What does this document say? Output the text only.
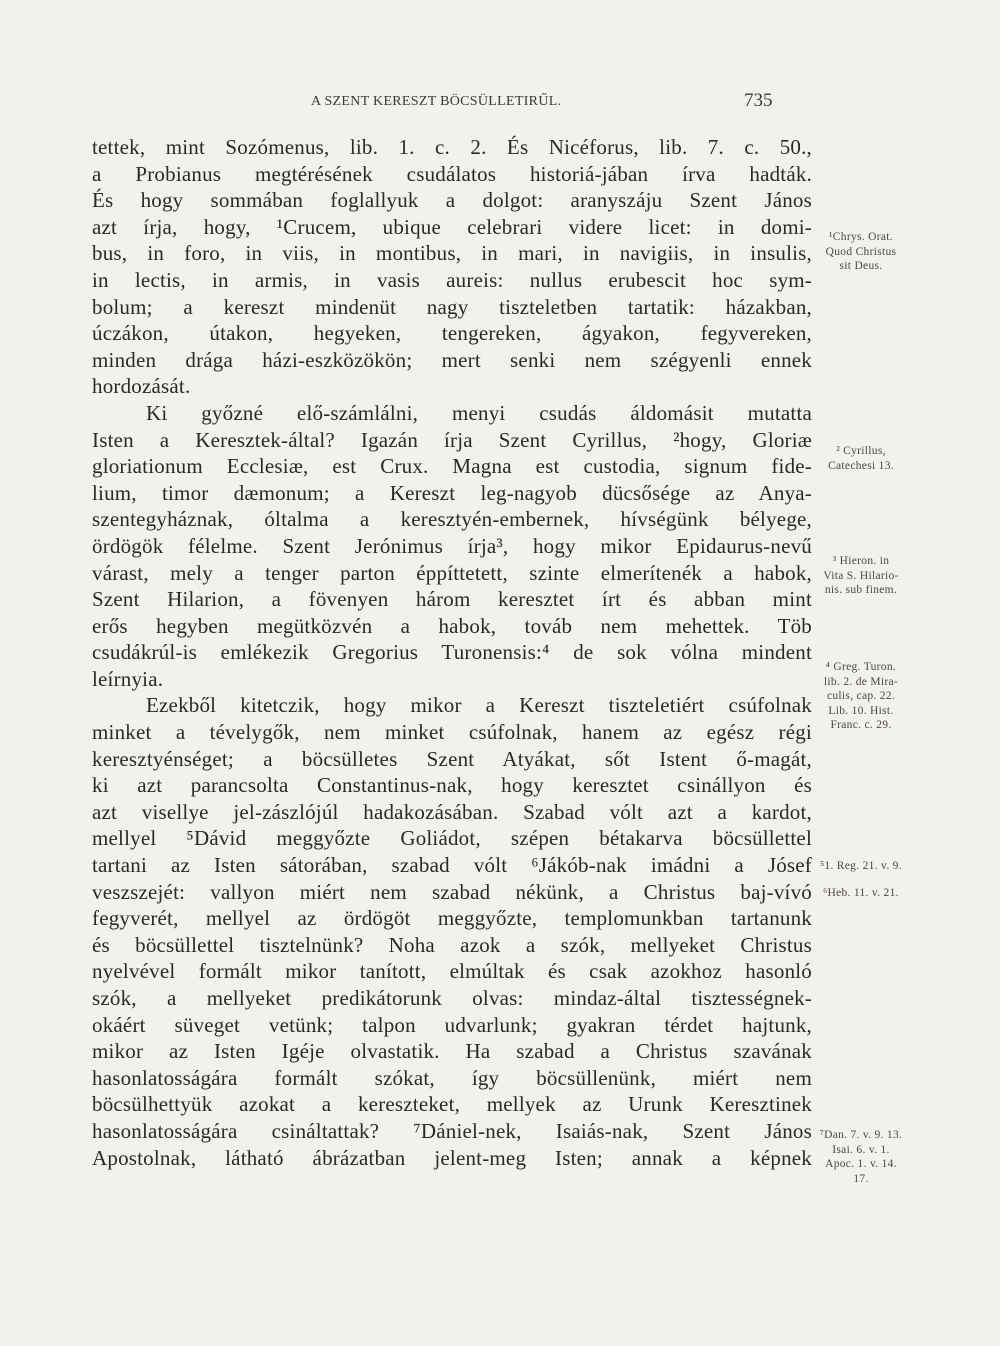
A SZENT KERESZT BÖCSÜLLETIRŰL.	735
tettek, mint Sozómenus, lib. 1. c. 2. És Nicéforus, lib. 7. c. 50.,
a Probianus megtérésének csudálatos historiá-jában írva hadták.
És hogy sommában foglallyuk a dolgot: aranyszáju Szent János
azt írja, hogy, ¹Crucem, ubique celebrari videre licet: in domi-
bus, in foro, in viis, in montibus, in mari, in navigiis, in insulis,
in lectis, in armis, in vasis aureis: nullus erubescit hoc sym-
bolum; a kereszt mindenüt nagy tiszteletben tartatik: házakban,
úczákon, útakon, hegyeken, tengereken, ágyakon, fegyvereken,
minden drága házi-eszközökön; mert senki nem szégyenli ennek
hordozását.
Ki győzné elő-számlálni, menyi csudás áldomásit mutatta
Isten a Keresztek-által? Igazán írja Szent Cyrillus, ²hogy, Gloriæ
gloriationum Ecclesiæ, est Crux. Magna est custodia, signum fide-
lium, timor dæmonum; a Kereszt leg-nagyob dücsősége az Anya-
szentegyháznak, óltalma a keresztyén-embernek, hívségünk bélyege,
ördögök félelme. Szent Jerónimus írja³, hogy mikor Epidaurus-nevű
várast, mely a tenger parton éppíttetett, szinte elmerítenék a habok,
Szent Hilarion, a fövenyen három keresztet írt és abban mint
erős hegyben megütközvén a habok, továb nem mehettek. Töb
csudákrúl-is emlékezik Gregorius Turonensis:⁴ de sok vólna mindent
leírnyia.
Ezekből kitetczik, hogy mikor a Kereszt tiszteletiért csúfolnak
minket a tévelygők, nem minket csúfolnak, hanem az egész régi
keresztyénséget; a böcsülletes Szent Atyákat, sőt Istent ő-magát,
ki azt parancsolta Constantinus-nak, hogy keresztet csinállyon és
azt visellye jel-zászlójúl hadakozásában. Szabad vólt azt a kardot,
mellyel ⁵Dávid meggyőzte Goliádot, szépen bétakarva böcsüllettel
tartani az Isten sátorában, szabad vólt ⁶Jákób-nak imádni a Jósef
veszszejét: vallyon miért nem szabad nékünk, a Christus baj-vívó
fegyverét, mellyel az ördögöt meggyőzte, templomunkban tartanunk
és böcsüllettel tisztelnünk? Noha azok a szók, mellyeket Christus
nyelvével formált mikor tanított, elmúltak és csak azokhoz hasonló
szók, a mellyeket predikátorunk olvas: mindaz-által tisztességnek-
okáért süveget vetünk; talpon udvarlunk; gyakran térdet hajtunk,
mikor az Isten Igéje olvastatik. Ha szabad a Christus szavának
hasonlatosságára formált szókat, így böcsüllenünk, miért nem
böcsülhettyük azokat a kereszteket, mellyek az Urunk Keresztinek
hasonlatosságára csináltattak? ⁷Dániel-nek, Isaiás-nak, Szent János
Apostolnak, látható ábrázatban jelent-meg Isten; annak a képnek
¹Chrys. Orat.
Quod Christus
sit Deus.
² Cyrillus,
Catechesi 13.
³ Hieron. in
Vita S. Hilario-
nis. sub finem.
⁴ Greg. Turon.
lib. 2. de Mira-
culis, cap. 22.
Lib. 10. Hist.
Franc. c. 29.
⁵1. Reg. 21. v. 9.
⁶Heb. 11. v. 21.
⁷Dan. 7. v. 9. 13.
Isai. 6. v. 1.
Apoc. 1. v. 14.
17.
